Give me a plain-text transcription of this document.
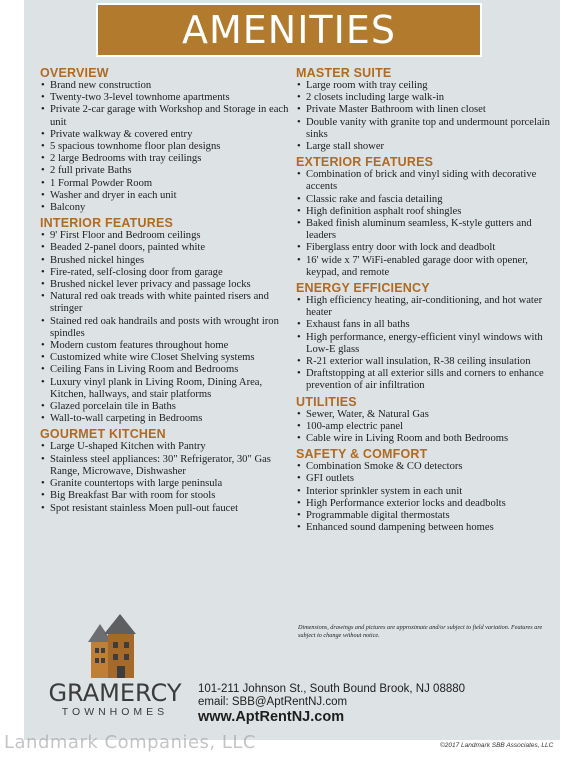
AMENITIES
OVERVIEW
• Brand new construction
• Twenty-two 3-level townhome apartments
• Private 2-car garage with Workshop and Storage in each unit
• Private walkway & covered entry
• 5 spacious townhome floor plan designs
• 2 large Bedrooms with tray ceilings
• 2 full private Baths
• 1 Formal Powder Room
• Washer and dryer in each unit
• Balcony
INTERIOR FEATURES
• 9' First Floor and Bedroom ceilings
• Beaded 2-panel doors, painted white
• Brushed nickel hinges
• Fire-rated, self-closing door from garage
• Brushed nickel lever privacy and passage locks
• Natural red oak treads with white painted risers and stringer
• Stained red oak handrails and posts with wrought iron spindles
• Modern custom features throughout home
• Customized white wire Closet Shelving systems
• Ceiling Fans in Living Room and Bedrooms
• Luxury vinyl plank in Living Room, Dining Area, Kitchen, hallways, and stair platforms
• Glazed porcelain tile in Baths
• Wall-to-wall carpeting in Bedrooms
GOURMET KITCHEN
• Large U-shaped Kitchen with Pantry
• Stainless steel appliances: 30" Refrigerator, 30" Gas Range, Microwave, Dishwasher
• Granite countertops with large peninsula
• Big Breakfast Bar with room for stools
• Spot resistant stainless Moen pull-out faucet
MASTER SUITE
• Large room with tray ceiling
• 2 closets including large walk-in
• Private Master Bathroom with linen closet
• Double vanity with granite top and undermount porcelain sinks
• Large stall shower
EXTERIOR FEATURES
• Combination of brick and vinyl siding with decorative accents
• Classic rake and fascia detailing
• High definition asphalt roof shingles
• Baked finish aluminum seamless, K-style gutters and leaders
• Fiberglass entry door with lock and deadbolt
• 16' wide x 7' WiFi-enabled garage door with opener, keypad, and remote
ENERGY EFFICIENCY
• High efficiency heating, air-conditioning, and hot water heater
• Exhaust fans in all baths
• High performance, energy-efficient vinyl windows with Low-E glass
• R-21 exterior wall insulation, R-38 ceiling insulation
• Draftstopping at all exterior sills and corners to enhance prevention of air infiltration
UTILITIES
• Sewer, Water, & Natural Gas
• 100-amp electric panel
• Cable wire in Living Room and both Bedrooms
SAFETY & COMFORT
• Combination Smoke & CO detectors
• GFI outlets
• Interior sprinkler system in each unit
• High Performance exterior locks and deadbolts
• Programmable digital thermostats
• Enhanced sound dampening between homes
Dimensions, drawings and pictures are approximate and/or subject to field variation. Features are subject to change without notice.
GRAMERCY
TOWNHOMES
101-211 Johnson St., South Bound Brook, NJ 08880
email: SBB@AptRentNJ.com
www.AptRentNJ.com
Landmark Companies, LLC	©2017 Landmark SBB Associates, LLC
